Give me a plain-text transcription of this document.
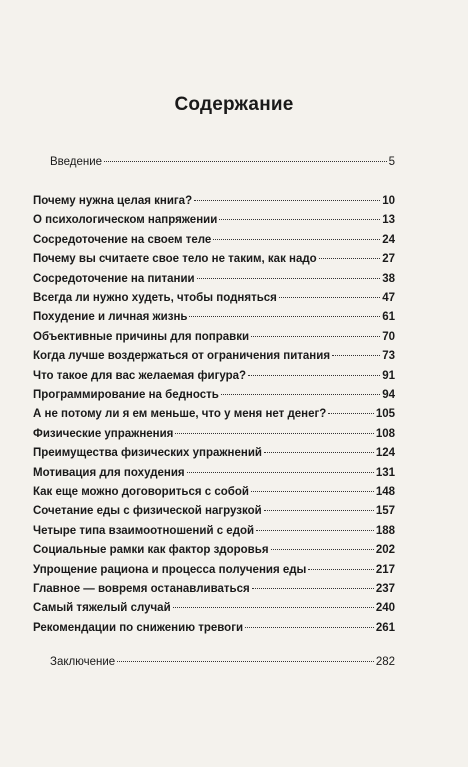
Содержание
Введение	5
Почему нужна целая книга?	10
О психологическом напряжении	13
Сосредоточение на своем теле	24
Почему вы считаете свое тело не таким, как надо	27
Сосредоточение на питании	38
Всегда ли нужно худеть, чтобы подняться	47
Похудение и личная жизнь	61
Объективные причины для поправки	70
Когда лучше воздержаться от ограничения питания	73
Что такое для вас желаемая фигура?	91
Программирование на бедность	94
А не потому ли я ем меньше, что у меня нет денег?	105
Физические упражнения	108
Преимущества физических упражнений	124
Мотивация для похудения	131
Как еще можно договориться с собой	148
Сочетание еды с физической нагрузкой	157
Четыре типа взаимоотношений с едой	188
Социальные рамки как фактор здоровья	202
Упрощение рациона и процесса получения еды	217
Главное — вовремя останавливаться	237
Самый тяжелый случай	240
Рекомендации по снижению тревоги	261
Заключение	282
